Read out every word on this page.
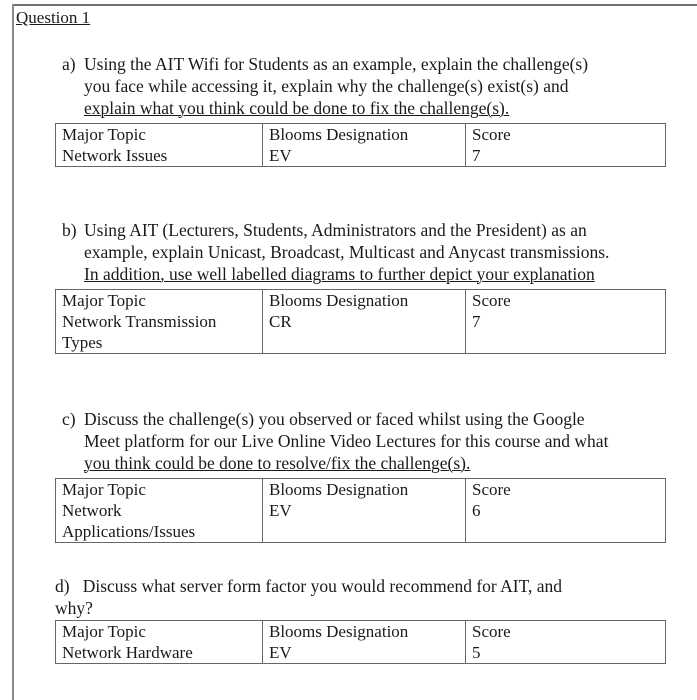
Question 1
a) Using the AIT Wifi for Students as an example, explain the challenge(s)
you face while accessing it, explain why the challenge(s) exist(s) and
explain what you think could be done to fix the challenge(s).
Major Topic	Blooms Designation	Score
Network Issues	EV	7
b) Using AIT (Lecturers, Students, Administrators and the President) as an
example, explain Unicast, Broadcast, Multicast and Anycast transmissions.
In addition, use well labelled diagrams to further depict your explanation
Major Topic	Blooms Designation	Score
Network Transmission
Types	CR	7
c) Discuss the challenge(s) you observed or faced whilst using the Google
Meet platform for our Live Online Video Lectures for this course and what
you think could be done to resolve/fix the challenge(s).
Major Topic	Blooms Designation	Score
Network
Applications/Issues	EV	6
d) Discuss what server form factor you would recommend for AIT, and
why?
Major Topic	Blooms Designation	Score
Network Hardware	EV	5
